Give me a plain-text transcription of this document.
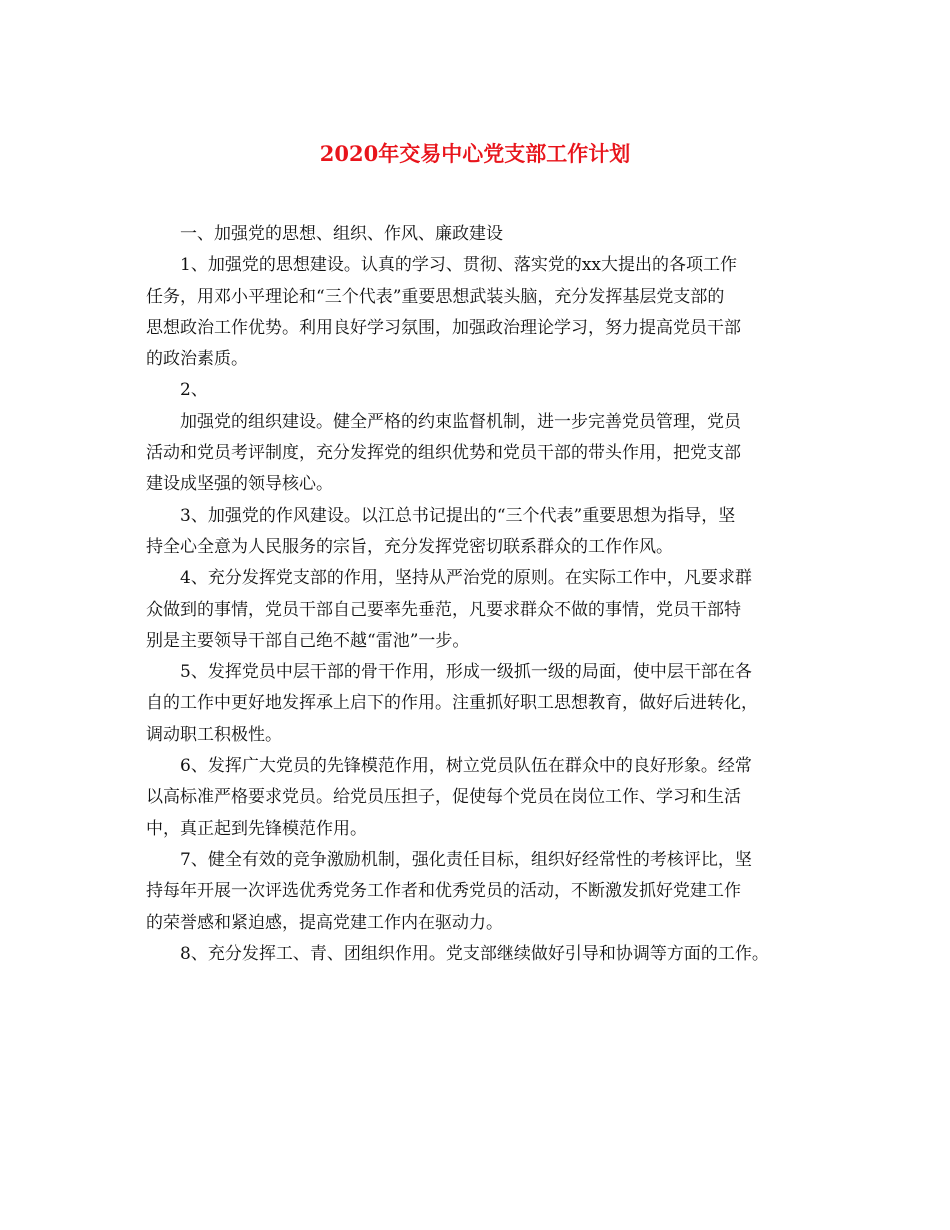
2020年交易中心党支部工作计划
一、加强党的思想、组织、作风、廉政建设
1、加强党的思想建设。认真的学习、贯彻、落实党的xx大提出的各项工作
任务，用邓小平理论和“三个代表”重要思想武装头脑，充分发挥基层党支部的
思想政治工作优势。利用良好学习氛围，加强政治理论学习，努力提高党员干部
的政治素质。
2、
加强党的组织建设。健全严格的约束监督机制，进一步完善党员管理，党员
活动和党员考评制度，充分发挥党的组织优势和党员干部的带头作用，把党支部
建设成坚强的领导核心。
3、加强党的作风建设。以江总书记提出的“三个代表”重要思想为指导，坚
持全心全意为人民服务的宗旨，充分发挥党密切联系群众的工作作风。
4、充分发挥党支部的作用，坚持从严治党的原则。在实际工作中，凡要求群
众做到的事情，党员干部自己要率先垂范，凡要求群众不做的事情，党员干部特
别是主要领导干部自己绝不越“雷池”一步。
5、发挥党员中层干部的骨干作用，形成一级抓一级的局面，使中层干部在各
自的工作中更好地发挥承上启下的作用。注重抓好职工思想教育，做好后进转化，
调动职工积极性。
6、发挥广大党员的先锋模范作用，树立党员队伍在群众中的良好形象。经常
以高标准严格要求党员。给党员压担子，促使每个党员在岗位工作、学习和生活
中，真正起到先锋模范作用。
7、健全有效的竞争激励机制，强化责任目标，组织好经常性的考核评比，坚
持每年开展一次评选优秀党务工作者和优秀党员的活动，不断激发抓好党建工作
的荣誉感和紧迫感，提高党建工作内在驱动力。
8、充分发挥工、青、团组织作用。党支部继续做好引导和协调等方面的工作。
